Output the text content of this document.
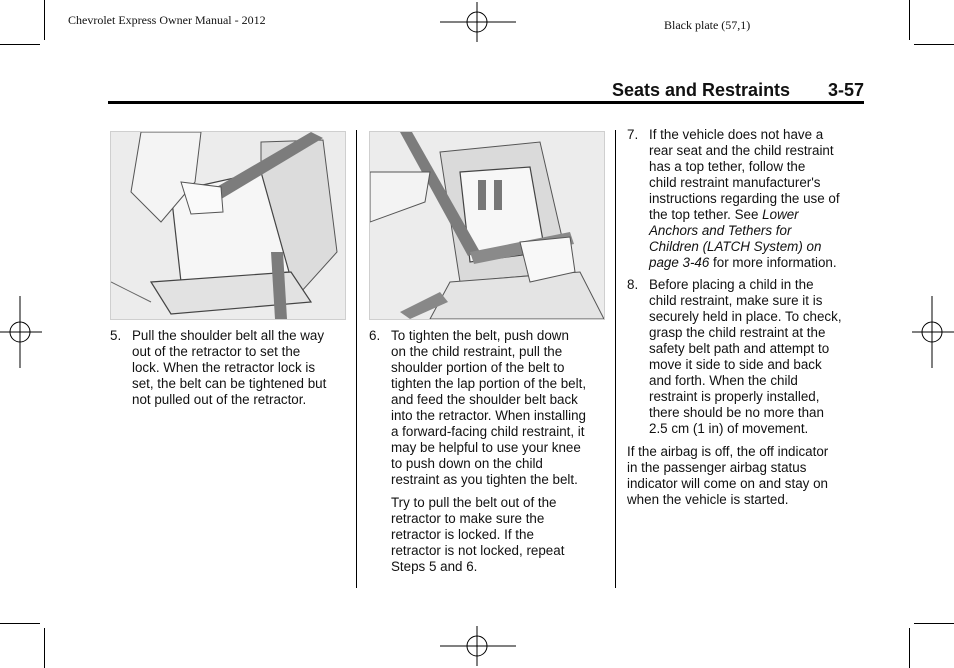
Chevrolet Express Owner Manual - 2012	Black plate (57,1)
Seats and Restraints 3-57
5. Pull the shoulder belt all the way
out of the retractor to set the
lock. When the retractor lock is
set, the belt can be tightened but
not pulled out of the retractor.
6. To tighten the belt, push down
on the child restraint, pull the
shoulder portion of the belt to
tighten the lap portion of the belt,
and feed the shoulder belt back
into the retractor. When installing
a forward-facing child restraint, it
may be helpful to use your knee
to push down on the child
restraint as you tighten the belt.
Try to pull the belt out of the
retractor to make sure the
retractor is locked. If the
retractor is not locked, repeat
Steps 5 and 6.
7. If the vehicle does not have a
rear seat and the child restraint
has a top tether, follow the
child restraint manufacturer's
instructions regarding the use of
the top tether. See Lower
Anchors and Tethers for
Children (LATCH System) on
page 3-46 for more information.
8. Before placing a child in the
child restraint, make sure it is
securely held in place. To check,
grasp the child restraint at the
safety belt path and attempt to
move it side to side and back
and forth. When the child
restraint is properly installed,
there should be no more than
2.5 cm (1 in) of movement.
If the airbag is off, the off indicator
in the passenger airbag status
indicator will come on and stay on
when the vehicle is started.
